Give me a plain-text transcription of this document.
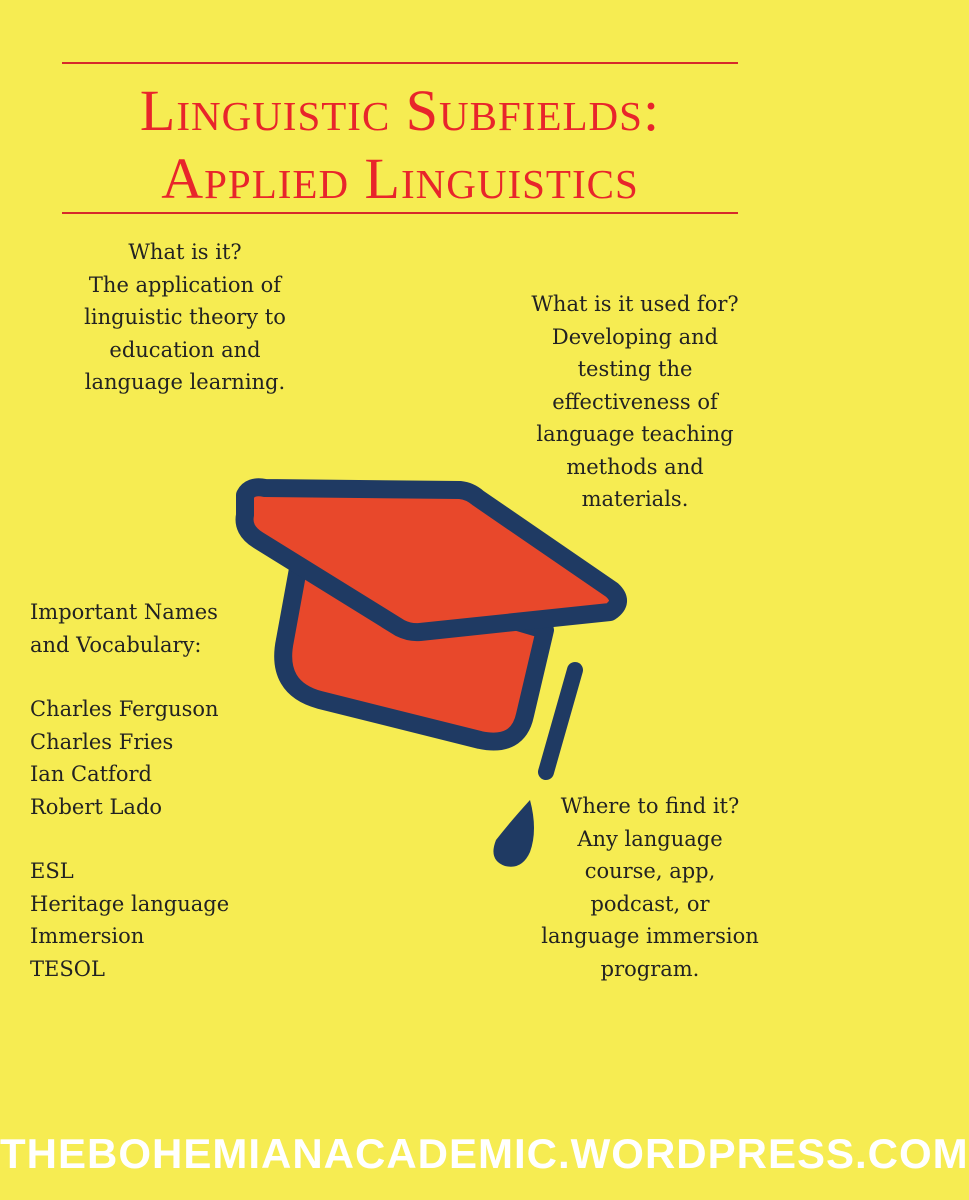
Linguistic Subfields:
Applied Linguistics
What is it?
The application of
linguistic theory to
education and
language learning.
What is it used for?
Developing and
testing the
effectiveness of
language teaching
methods and
materials.
Important Names
and Vocabulary:
Charles Ferguson
Charles Fries
Ian Catford
Robert Lado
ESL
Heritage language
Immersion
TESOL
Where to find it?
Any language
course, app,
podcast, or
language immersion
program.
THEBOHEMIANACADEMIC.WORDPRESS.COM
